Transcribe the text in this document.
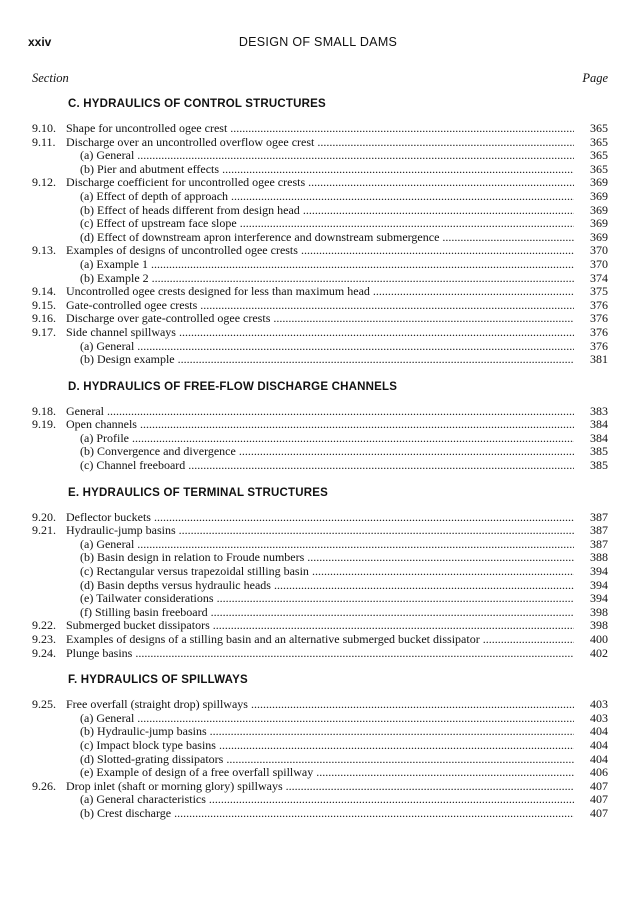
xxiv	DESIGN OF SMALL DAMS
Section	Page
C. HYDRAULICS OF CONTROL STRUCTURES
9.10. Shape for uncontrolled ogee crest .....	365
9.11. Discharge over an uncontrolled overflow ogee crest .....	365
(a) General .....	365
(b) Pier and abutment effects .....	365
9.12. Discharge coefficient for uncontrolled ogee crests .....	369
(a) Effect of depth of approach .....	369
(b) Effect of heads different from design head .....	369
(c) Effect of upstream face slope .....	369
(d) Effect of downstream apron interference and downstream submergence .....	369
9.13. Examples of designs of uncontrolled ogee crests .....	370
(a) Example 1 .....	370
(b) Example 2 .....	374
9.14. Uncontrolled ogee crests designed for less than maximum head .....	375
9.15. Gate-controlled ogee crests .....	376
9.16. Discharge over gate-controlled ogee crests .....	376
9.17. Side channel spillways .....	376
(a) General .....	376
(b) Design example .....	381
D. HYDRAULICS OF FREE-FLOW DISCHARGE CHANNELS
9.18. General .....	383
9.19. Open channels .....	384
(a) Profile .....	384
(b) Convergence and divergence .....	385
(c) Channel freeboard .....	385
E. HYDRAULICS OF TERMINAL STRUCTURES
9.20. Deflector buckets .....	387
9.21. Hydraulic-jump basins .....	387
(a) General .....	387
(b) Basin design in relation to Froude numbers .....	388
(c) Rectangular versus trapezoidal stilling basin .....	394
(d) Basin depths versus hydraulic heads .....	394
(e) Tailwater considerations .....	394
(f) Stilling basin freeboard .....	398
9.22. Submerged bucket dissipators .....	398
9.23. Examples of designs of a stilling basin and an alternative submerged bucket dissipator .....	400
9.24. Plunge basins .....	402
F. HYDRAULICS OF SPILLWAYS
9.25. Free overfall (straight drop) spillways .....	403
(a) General .....	403
(b) Hydraulic-jump basins .....	404
(c) Impact block type basins .....	404
(d) Slotted-grating dissipators .....	404
(e) Example of design of a free overfall spillway .....	406
9.26. Drop inlet (shaft or morning glory) spillways .....	407
(a) General characteristics .....	407
(b) Crest discharge .....	407
